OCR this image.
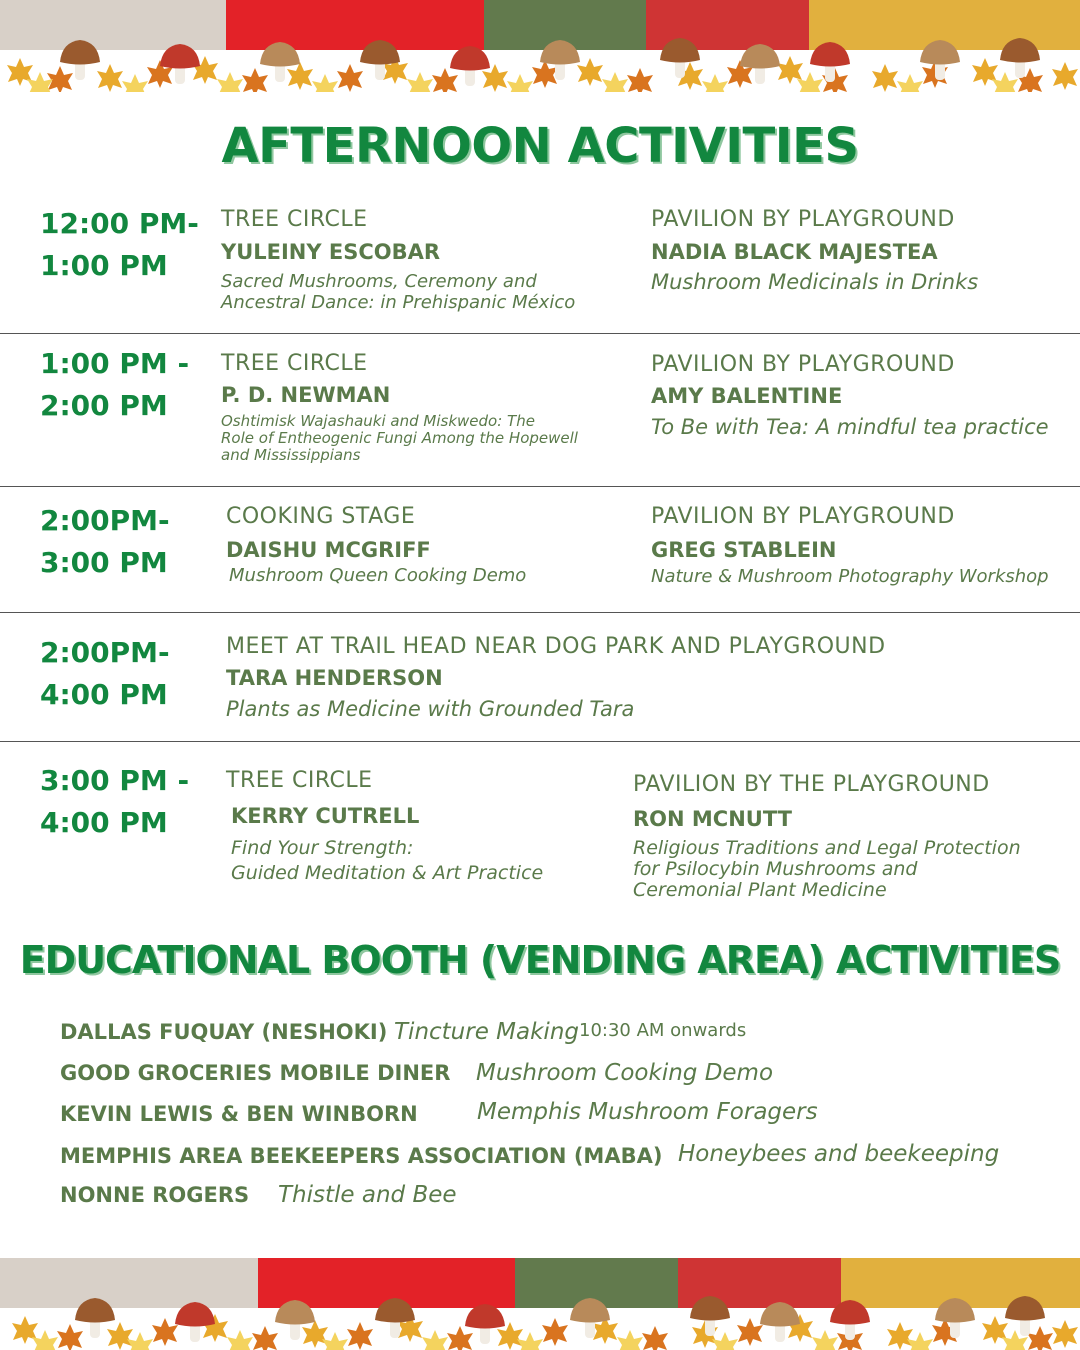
AFTERNOON ACTIVITIES
12:00 PM-
1:00 PM
TREE CIRCLE
YULEINY ESCOBAR
Sacred Mushrooms, Ceremony and
Ancestral Dance: in Prehispanic México
PAVILION BY PLAYGROUND
NADIA BLACK MAJESTEA
Mushroom Medicinals in Drinks
1:00 PM -
2:00 PM
TREE CIRCLE
P. D. NEWMAN
Oshtimisk Wajashauki and Miskwedo: The
Role of Entheogenic Fungi Among the Hopewell
and Mississippians
PAVILION BY PLAYGROUND
AMY BALENTINE
To Be with Tea: A mindful tea practice
2:00PM-
3:00 PM
COOKING STAGE
DAISHU MCGRIFF
Mushroom Queen Cooking Demo
PAVILION BY PLAYGROUND
GREG STABLEIN
Nature & Mushroom Photography Workshop
2:00PM-
4:00 PM
MEET AT TRAIL HEAD NEAR DOG PARK AND PLAYGROUND
TARA HENDERSON
Plants as Medicine with Grounded Tara
3:00 PM -
4:00 PM
TREE CIRCLE
KERRY CUTRELL
Find Your Strength:
Guided Meditation & Art Practice
PAVILION BY THE PLAYGROUND
RON MCNUTT
Religious Traditions and Legal Protection
for Psilocybin Mushrooms and
Ceremonial Plant Medicine
EDUCATIONAL BOOTH (VENDING AREA) ACTIVITIES
DALLAS FUQUAY (NESHOKI) Tincture Making 10:30 AM onwards
GOOD GROCERIES MOBILE DINER Mushroom Cooking Demo
KEVIN LEWIS & BEN WINBORN	Memphis Mushroom Foragers
MEMPHIS AREA BEEKEEPERS ASSOCIATION (MABA) Honeybees and beekeeping
NONNE ROGERS Thistle and Bee
